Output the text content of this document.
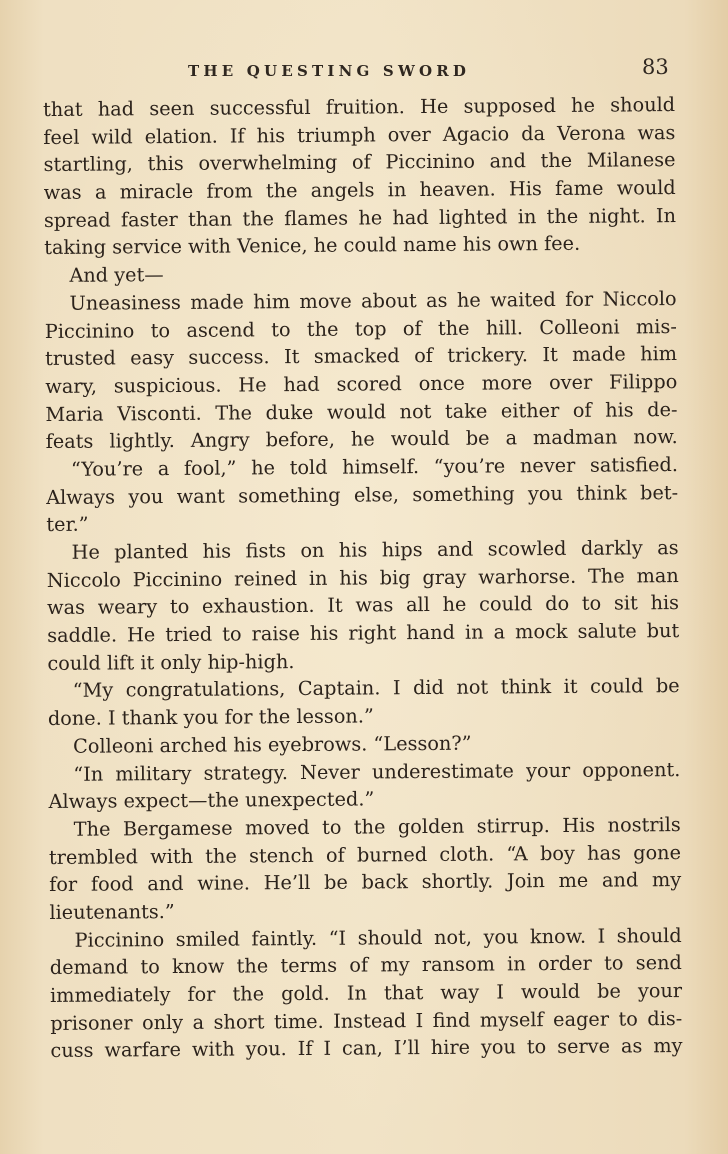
THE QUESTING SWORD	83
that had seen successful fruition. He supposed he should
feel wild elation. If his triumph over Agacio da Verona was
startling, this overwhelming of Piccinino and the Milanese
was a miracle from the angels in heaven. His fame would
spread faster than the flames he had lighted in the night. In
taking service with Venice, he could name his own fee.
And yet—
Uneasiness made him move about as he waited for Niccolo
Piccinino to ascend to the top of the hill. Colleoni mis-
trusted easy success. It smacked of trickery. It made him
wary, suspicious. He had scored once more over Filippo
Maria Visconti. The duke would not take either of his de-
feats lightly. Angry before, he would be a madman now.
“You’re a fool,” he told himself. “you’re never satisfied.
Always you want something else, something you think bet-
ter.”
He planted his fists on his hips and scowled darkly as
Niccolo Piccinino reined in his big gray warhorse. The man
was weary to exhaustion. It was all he could do to sit his
saddle. He tried to raise his right hand in a mock salute but
could lift it only hip-high.
“My congratulations, Captain. I did not think it could be
done. I thank you for the lesson.”
Colleoni arched his eyebrows. “Lesson?”
“In military strategy. Never underestimate your opponent.
Always expect—the unexpected.”
The Bergamese moved to the golden stirrup. His nostrils
trembled with the stench of burned cloth. “A boy has gone
for food and wine. He’ll be back shortly. Join me and my
lieutenants.”
Piccinino smiled faintly. “I should not, you know. I should
demand to know the terms of my ransom in order to send
immediately for the gold. In that way I would be your
prisoner only a short time. Instead I find myself eager to dis-
cuss warfare with you. If I can, I’ll hire you to serve as my
